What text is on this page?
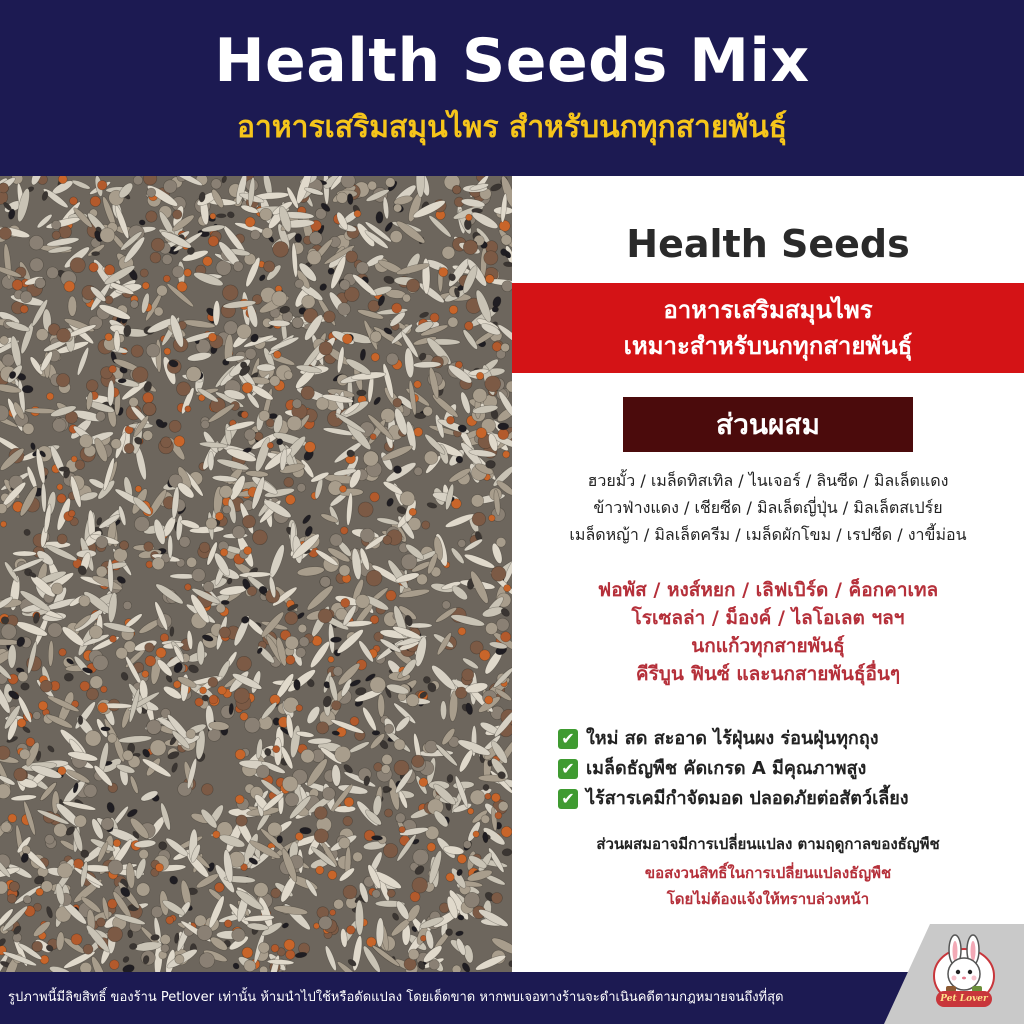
Health Seeds Mix
อาหารเสริมสมุนไพร สำหรับนกทุกสายพันธุ์
Health Seeds
อาหารเสริมสมุนไพร
เหมาะสำหรับนกทุกสายพันธุ์
ส่วนผสม
ฮวยมั้ว / เมล็ดทิสเทิล / ไนเจอร์ / ลินซีด / มิลเล็ตแดง
ข้าวฟ่างแดง / เชียซีด / มิลเล็ตญี่ปุ่น / มิลเล็ตสเปร์ย
เมล็ดหญ้า / มิลเล็ตครีม / เมล็ดผักโขม / เรปซีด / งาขี้ม่อน
ฟอพัส / หงส์หยก / เลิฟเบิร์ด / ค็อกคาเทล
โรเซลล่า / ม็องค์ / ไลโอเลต ฯลฯ
นกแก้วทุกสายพันธุ์
คีรีบูน ฟินซ์ และนกสายพันธุ์อื่นๆ
✔ ใหม่ สด สะอาด ไร้ฝุ่นผง ร่อนฝุ่นทุกถุง
✔ เมล็ดธัญพืช คัดเกรด A มีคุณภาพสูง
✔ ไร้สารเคมีกำจัดมอด ปลอดภัยต่อสัตว์เลี้ยง
ส่วนผสมอาจมีการเปลี่ยนแปลง ตามฤดูกาลของธัญพืช
ขอสงวนสิทธิ์ในการเปลี่ยนแปลงธัญพืช
โดยไม่ต้องแจ้งให้ทราบล่วงหน้า
รูปภาพนี้มีลิขสิทธิ์ ของร้าน Petlover เท่านั้น ห้ามนำไปใช้หรือดัดแปลง โดยเด็ดขาด หากพบเจอทางร้านจะดำเนินคดีตามกฎหมายจนถึงที่สุด	Pet Lover
